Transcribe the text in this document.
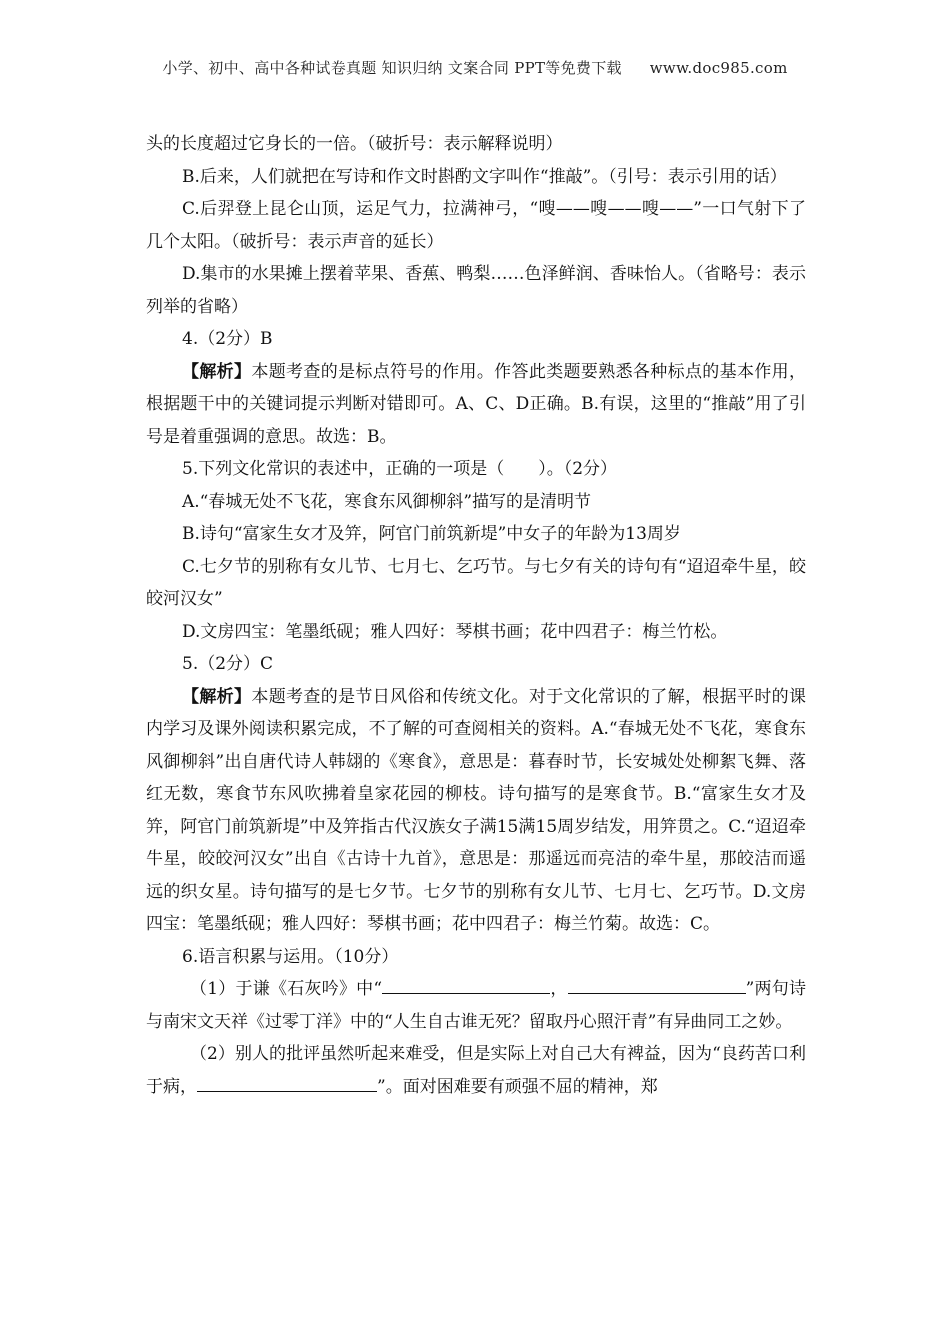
小学、初中、高中各种试卷真题 知识归纳 文案合同 PPT等免费下载 www.doc985.com

头的长度超过它身长的一倍。（破折号：表示解释说明）

B.后来，人们就把在写诗和作文时斟酌文字叫作“推敲”。（引号：表示引用的话）

C.后羿登上昆仑山顶，运足气力，拉满神弓，“嗖——嗖——嗖——”一口气射下了几个太阳。（破折号：表示声音的延长）

D.集市的水果摊上摆着苹果、香蕉、鸭梨……色泽鲜润、香味怡人。（省略号：表示列举的省略）

4.（2分）B

【解析】本题考查的是标点符号的作用。作答此类题要熟悉各种标点的基本作用，根据题干中的关键词提示判断对错即可。A、C、D正确。B.有误，这里的“推敲”用了引号是着重强调的意思。故选：B。

5.下列文化常识的表述中，正确的一项是（　　）。（2分）

A.“春城无处不飞花，寒食东风御柳斜”描写的是清明节

B.诗句“富家生女才及笄，阿官门前筑新堤”中女子的年龄为13周岁

C.七夕节的别称有女儿节、七月七、乞巧节。与七夕有关的诗句有“迢迢牵牛星，皎皎河汉女”

D.文房四宝：笔墨纸砚；雅人四好：琴棋书画；花中四君子：梅兰竹松。

5.（2分）C

【解析】本题考查的是节日风俗和传统文化。对于文化常识的了解，根据平时的课内学习及课外阅读积累完成，不了解的可查阅相关的资料。A.“春城无处不飞花，寒食东风御柳斜”出自唐代诗人韩翃的《寒食》，意思是：暮春时节，长安城处处柳絮飞舞、落红无数，寒食节东风吹拂着皇家花园的柳枝。诗句描写的是寒食节。B.“富家生女才及笄，阿官门前筑新堤”中及笄指古代汉族女子满15满15周岁结发，用笄贯之。C.“迢迢牵牛星，皎皎河汉女”出自《古诗十九首》，意思是：那遥远而亮洁的牵牛星，那皎洁而遥远的织女星。诗句描写的是七夕节。七夕节的别称有女儿节、七月七、乞巧节。D.文房四宝：笔墨纸砚；雅人四好：琴棋书画；花中四君子：梅兰竹菊。故选：C。

6.语言积累与运用。（10分）

（1）于谦《石灰吟》中“	，	”两句诗与南宋文天祥《过零丁洋》中的“人生自古谁无死？留取丹心照汗青”有异曲同工之妙。

（2）别人的批评虽然听起来难受，但是实际上对自己大有裨益，因为“良药苦口利于病，	”。面对困难要有顽强不屈的精神，郑
